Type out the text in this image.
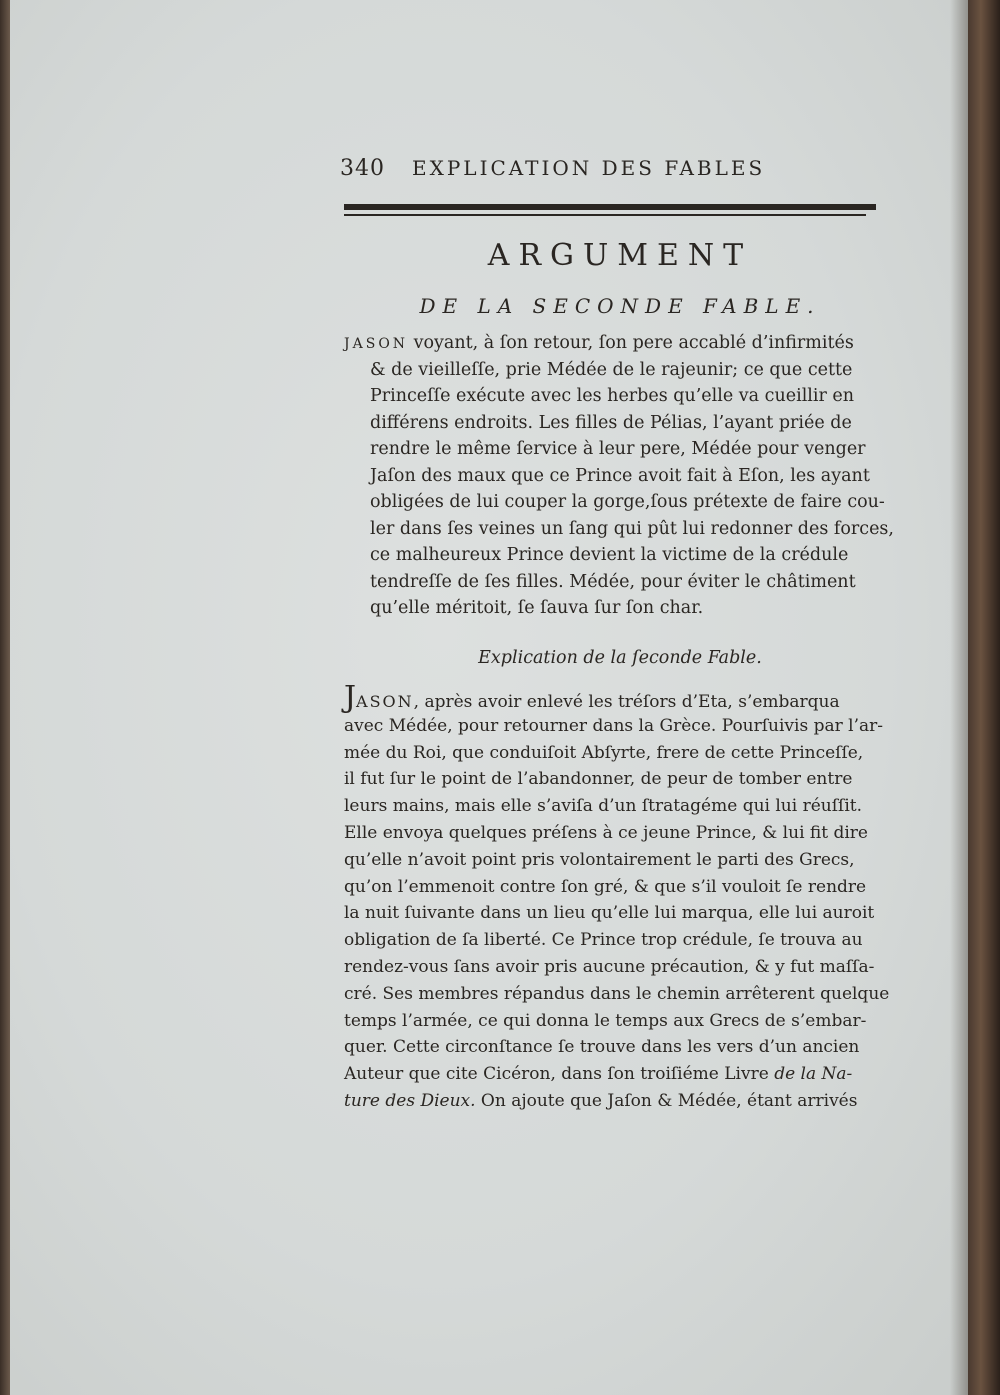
340 EXPLICATION DES FABLES
ARGUMENT
DE LA SECONDE FABLE.
JASON voyant, à ſon retour, ſon pere accablé d’infirmités
& de vieilleſſe, prie Médée de le rajeunir; ce que cette
Princeſſe exécute avec les herbes qu’elle va cueillir en
différens endroits. Les filles de Pélias, l’ayant priée de
rendre le même ſervice à leur pere, Médée pour venger
Jaſon des maux que ce Prince avoit fait à Eſon, les ayant
obligées de lui couper la gorge,ſous prétexte de faire cou-
ler dans ſes veines un ſang qui pût lui redonner des forces,
ce malheureux Prince devient la victime de la crédule
tendreſſe de ſes filles. Médée, pour éviter le châtiment
qu’elle méritoit, ſe ſauva ſur ſon char.
Explication de la ſeconde Fable.
JASON, après avoir enlevé les tréſors d’Eta, s’embarqua
avec Médée, pour retourner dans la Grèce. Pourſuivis par l’ar-
mée du Roi, que conduiſoit Abſyrte, frere de cette Princeſſe,
il fut ſur le point de l’abandonner, de peur de tomber entre
leurs mains, mais elle s’aviſa d’un ſtratagéme qui lui réuſſit.
Elle envoya quelques préſens à ce jeune Prince, & lui fit dire
qu’elle n’avoit point pris volontairement le parti des Grecs,
qu’on l’emmenoit contre ſon gré, & que s’il vouloit ſe rendre
la nuit ſuivante dans un lieu qu’elle lui marqua, elle lui auroit
obligation de ſa liberté. Ce Prince trop crédule, ſe trouva au
rendez-vous ſans avoir pris aucune précaution, & y fut maſſa-
cré. Ses membres répandus dans le chemin arrêterent quelque
temps l’armée, ce qui donna le temps aux Grecs de s’embar-
quer. Cette circonſtance ſe trouve dans les vers d’un ancien
Auteur que cite Cicéron, dans ſon troiſiéme Livre de la Na-
ture des Dieux. On ajoute que Jaſon & Médée, étant arrivés
